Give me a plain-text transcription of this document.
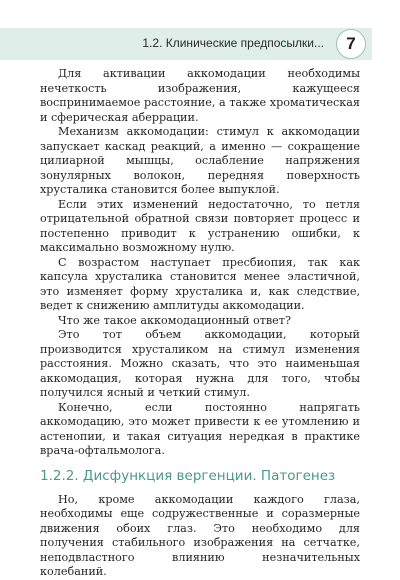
1.2. Клинические предпосылки...	7

Для активации аккомодации необходимы нечеткость изображения, кажущееся воспринимаемое расстояние, а также хроматическая и сферическая аберрации.

Механизм аккомодации: стимул к аккомодации запускает каскад реакций, а именно — сокращение цилиарной мышцы, ослабление напряжения зонулярных волокон, передняя поверхность хрусталика становится более выпуклой.

Если этих изменений недостаточно, то петля отрицательной обратной связи повторяет процесс и постепенно приводит к устранению ошибки, к максимально возможному нулю.

С возрастом наступает пресбиопия, так как капсула хрусталика становится менее эластичной, это изменяет форму хрусталика и, как следствие, ведет к снижению амплитуды аккомодации.

Что же такое аккомодационный ответ?

Это тот объем аккомодации, который производится хрусталиком на стимул изменения расстояния. Можно сказать, что это наименьшая аккомодация, которая нужна для того, чтобы получился ясный и четкий стимул.

Конечно, если постоянно напрягать аккомодацию, это может привести к ее утомлению и астенопии, и такая ситуация нередкая в практике врача-офтальмолога.

1.2.2. Дисфункция вергенции. Патогенез

Но, кроме аккомодации каждого глаза, необходимы еще содружественные и соразмерные движения обоих глаз. Это необходимо для получения стабильного изображения на сетчатке, неподвластного влиянию незначительных колебаний.
